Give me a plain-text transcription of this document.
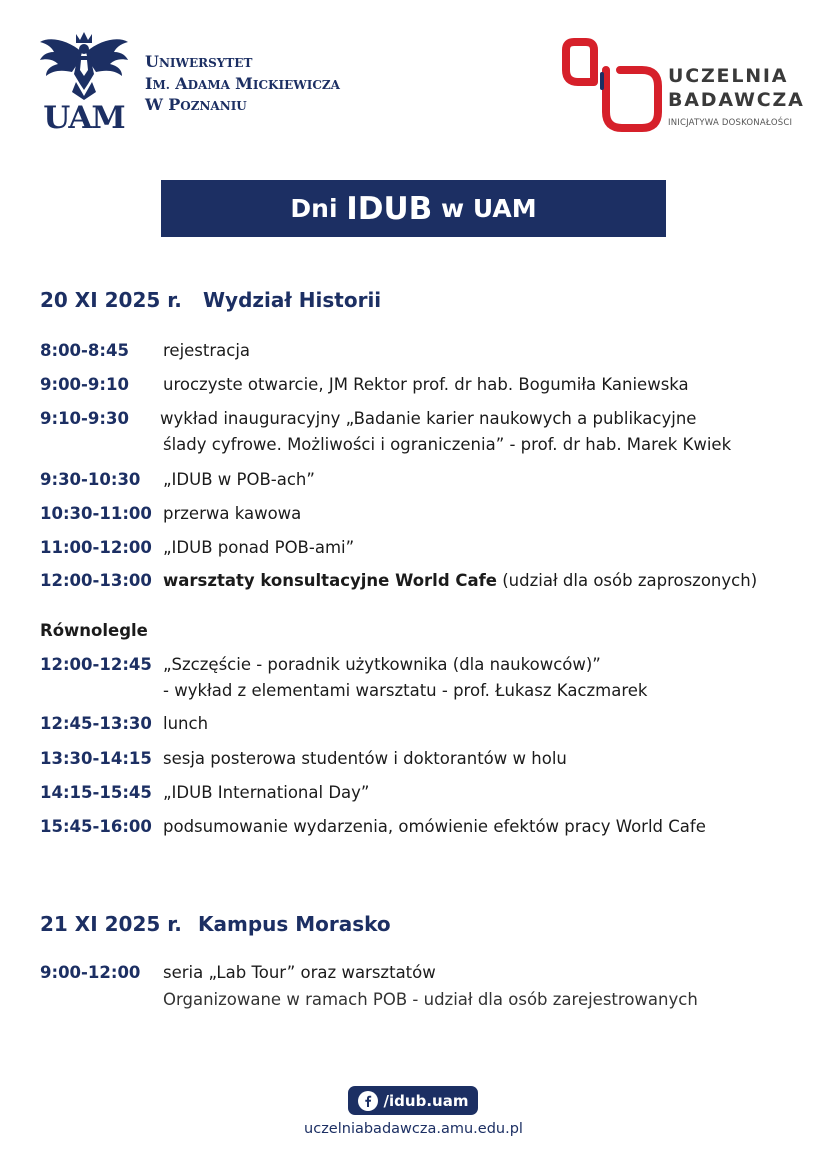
UAM
UNIWERSYTET
IM. ADAMA MICKIEWICZA
W POZNANIU
UCZELNIA
BADAWCZA
INICJATYWA DOSKONAŁOŚCI
Dni IDUB w UAM
20 XI 2025 r. Wydział Historii
8:00-8:45 rejestracja
9:00-9:10 uroczyste otwarcie, JM Rektor prof. dr hab. Bogumiła Kaniewska
9:10-9:30 wykład inauguracyjny „Badanie karier naukowych a publikacyjne
ślady cyfrowe. Możliwości i ograniczenia” - prof. dr hab. Marek Kwiek
9:30-10:30 „IDUB w POB-ach”
10:30-11:00 przerwa kawowa
11:00-12:00 „IDUB ponad POB-ami”
12:00-13:00 warsztaty konsultacyjne World Cafe (udział dla osób zaproszonych)
Równolegle
12:00-12:45 „Szczęście - poradnik użytkownika (dla naukowców)”
- wykład z elementami warsztatu - prof. Łukasz Kaczmarek
12:45-13:30 lunch
13:30-14:15 sesja posterowa studentów i doktorantów w holu
14:15-15:45 „IDUB International Day”
15:45-16:00 podsumowanie wydarzenia, omówienie efektów pracy World Cafe
21 XI 2025 r. Kampus Morasko
9:00-12:00 seria „Lab Tour” oraz warsztatów
Organizowane w ramach POB - udział dla osób zarejestrowanych
/idub.uam
uczelniabadawcza.amu.edu.pl
